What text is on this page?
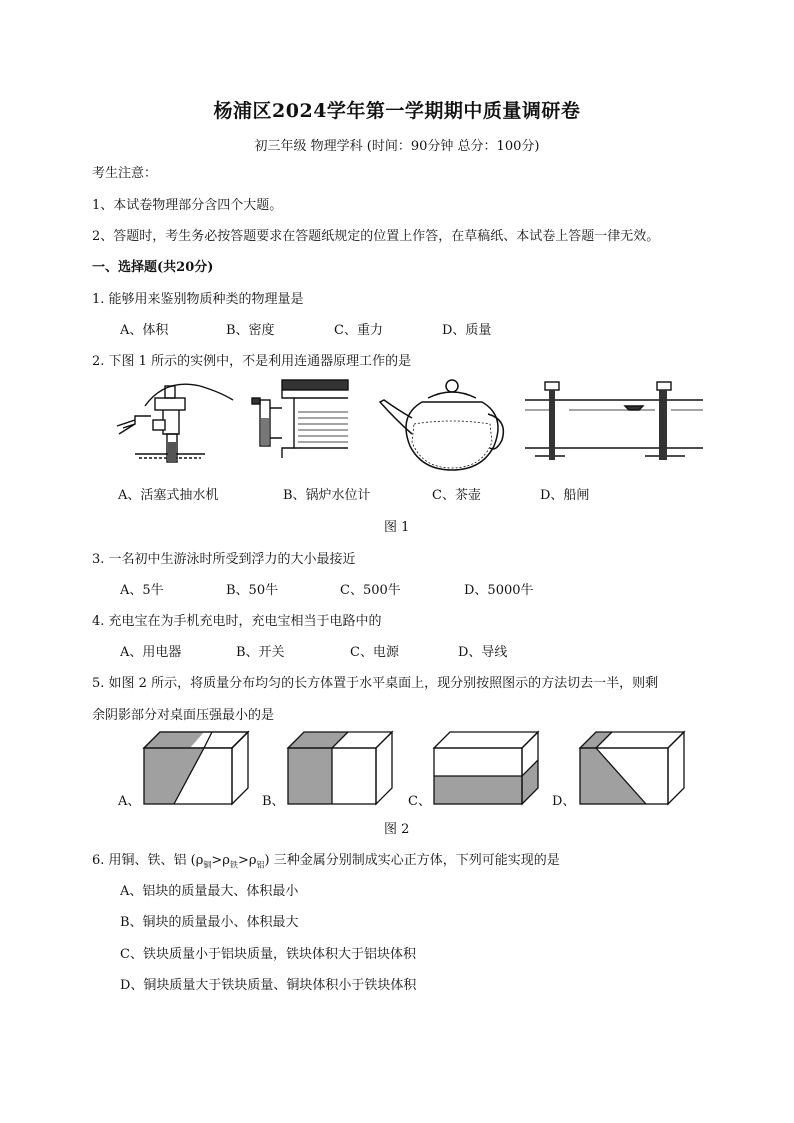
杨浦区2024学年第一学期期中质量调研卷
初三年级 物理学科 (时间：90分钟 总分：100分)
考生注意：
1、本试卷物理部分含四个大题。
2、答题时，考生务必按答题要求在答题纸规定的位置上作答，在草稿纸、本试卷上答题一律无效。
一、选择题(共20分)
1. 能够用来鉴别物质种类的物理量是
A、体积	B、密度	C、重力	D、质量
2. 下图 1 所示的实例中，不是利用连通器原理工作的是
A、活塞式抽水机	B、锅炉水位计	C、茶壶	D、船闸
图 1
3. 一名初中生游泳时所受到浮力的大小最接近
A、5牛	B、50牛	C、500牛	D、5000牛
4. 充电宝在为手机充电时，充电宝相当于电路中的
A、用电器	B、开关	C、电源	D、导线
5. 如图 2 所示，将质量分布均匀的长方体置于水平桌面上，现分别按照图示的方法切去一半，则剩
余阴影部分对桌面压强最小的是
A、	B、	C、	D、
图 2
6. 用铜、铁、铝 $(\rho_铜>\rho_铁>\rho_铝)$ 三种金属分别制成实心正方体，下列可能实现的是
A、铝块的质量最大、体积最小
B、铜块的质量最小、体积最大
C、铁块质量小于铝块质量，铁块体积大于铝块体积
D、铜块质量大于铁块质量、铜块体积小于铁块体积
